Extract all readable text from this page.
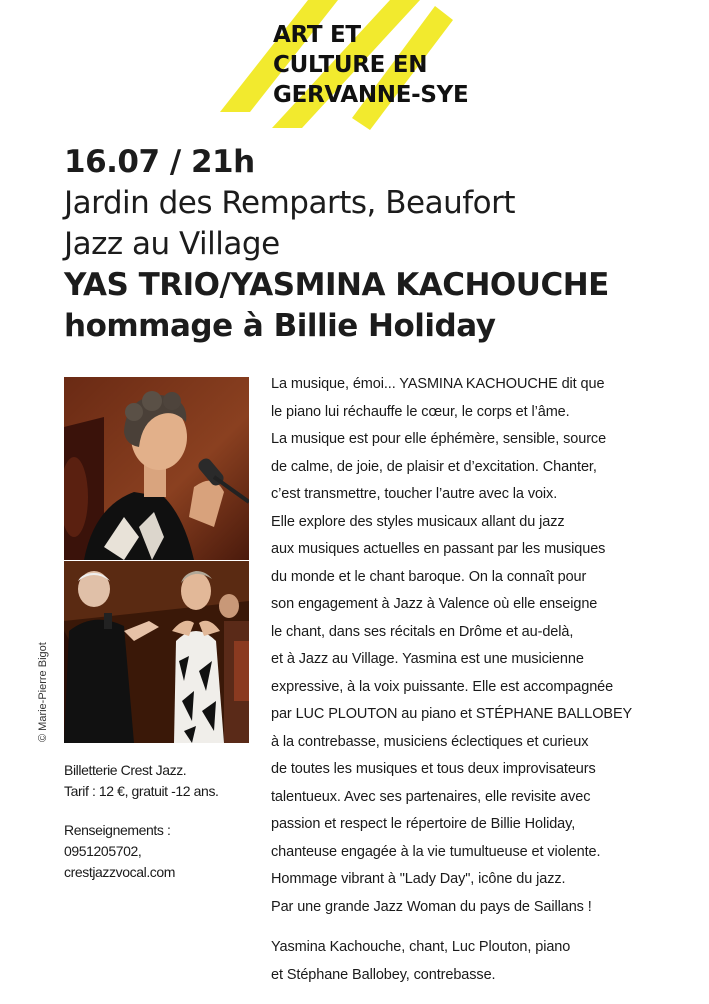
ART ET
CULTURE EN
GERVANNE-SYE
16.07 / 21h
Jardin des Remparts, Beaufort
Jazz au Village
YAS TRIO/YASMINA KACHOUCHE
hommage à Billie Holiday
© Marie-Pierre Bigot
Billetterie Crest Jazz.
Tarif : 12 €, gratuit -12 ans.
Renseignements :
0951205702,
crestjazzvocal.com
La musique, émoi... YASMINA KACHOUCHE dit que
le piano lui réchauffe le cœur, le corps et l’âme.
La musique est pour elle éphémère, sensible, source
de calme, de joie, de plaisir et d’excitation. Chanter,
c’est transmettre, toucher l’autre avec la voix.
Elle explore des styles musicaux allant du jazz
aux musiques actuelles en passant par les musiques
du monde et le chant baroque. On la connaît pour
son engagement à Jazz à Valence où elle enseigne
le chant, dans ses récitals en Drôme et au-delà,
et à Jazz au Village. Yasmina est une musicienne
expressive, à la voix puissante. Elle est accompagnée
par LUC PLOUTON au piano et STÉPHANE BALLOBEY
à la contrebasse, musiciens éclectiques et curieux
de toutes les musiques et tous deux improvisateurs
talentueux. Avec ses partenaires, elle revisite avec
passion et respect le répertoire de Billie Holiday,
chanteuse engagée à la vie tumultueuse et violente.
Hommage vibrant à "Lady Day", icône du jazz.
Par une grande Jazz Woman du pays de Saillans !
Yasmina Kachouche, chant, Luc Plouton, piano
et Stéphane Ballobey, contrebasse.
